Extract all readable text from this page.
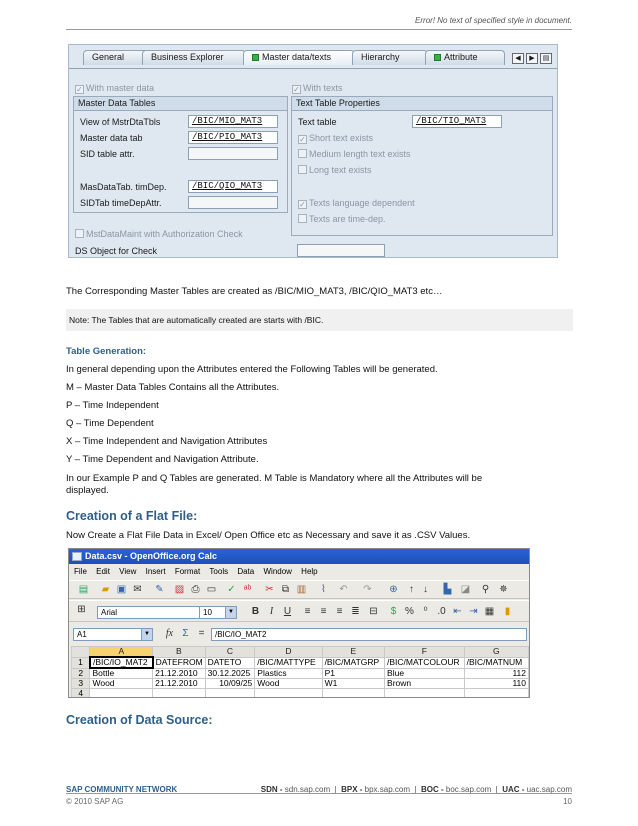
Error! No text of specified style in document.
General	Business Explorer	Master data/texts	Hierarchy	Attribute	◀	▶	▤
✓ With master data	✓ With texts
Master Data Tables
View of MstrDtaTbls	/BIC/MIO_MAT3
Master data tab	/BIC/PIO_MAT3
SID table attr.
MasDataTab. timDep.	/BIC/QIO_MAT3
SIDTab timeDepAttr.
Text Table Properties
Text table	/BIC/TIO_MAT3
✓ Short text exists
Medium length text exists
Long text exists
✓ Texts language dependent
Texts are time-dep.
MstDataMaint with Authorization Check
DS Object for Check
The Corresponding Master Tables are created as /BIC/MIO_MAT3, /BIC/QIO_MAT3 etc…
Note: The Tables that are automatically created are starts with /BIC.
Table Generation:
In general depending upon the Attributes entered the Following Tables will be generated.
M – Master Data Tables Contains all the Attributes.
P – Time Independent
Q – Time Dependent
X – Time Independent and Navigation Attributes
Y – Time Dependent and Navigation Attribute.
In our Example P and Q Tables are generated. M Table is Mandatory where all the Attributes will be
displayed.
Creation of a Flat File:
Now Create a Flat File Data in Excel/ Open Office etc as Necessary and save it as .CSV Values.
Data.csv - OpenOffice.org Calc
File Edit View Insert Format Tools Data Window Help
▤ ▰ ▣ ✉ ✎ ▨ ⎙ ▭ ✓ ᵃᵇ ✂ ⧉ ▥	⌇	↶ ↷ ⊕	↑ ↓	▙ ◪ ⚲ ✵
⊞	Arial	10	▼ B	I	U	≡	≡	≡ ≣ ⊟	$ % ⁰ .0 ⇤ ⇥ ▦	▮
A1	▼ fx Σ =	/BIC/IO_MAT2
	A	B	C	D	E	F	G
1	/BIC/IO_MAT2	DATEFROM	DATETO	/BIC/MATTYPE	/BIC/MATGRP	/BIC/MATCOLOUR	/BIC/MATNUM
2	Bottle	21.12.2010	30.12.2025	Plastics	P1	Blue	112
3	Wood	21.12.2010	10/09/25	Wood	W1	Brown	110
4							
Creation of Data Source:
SAP COMMUNITY NETWORK	SDN - sdn.sap.com  |  BPX - bpx.sap.com  |  BOC - boc.sap.com  |  UAC - uac.sap.com
© 2010 SAP AG	10
